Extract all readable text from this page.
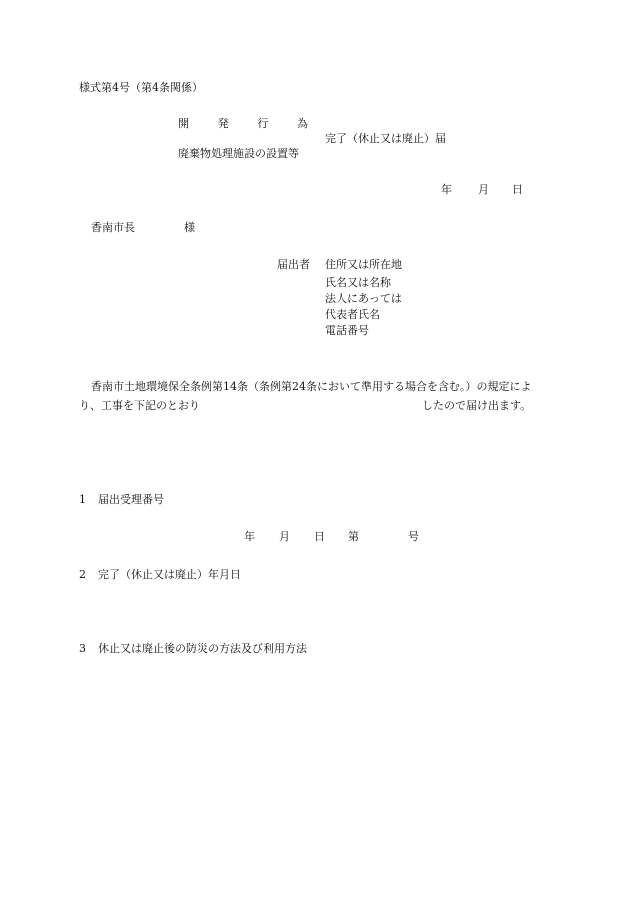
様式第4号（第4条関係）
開	発	行	為
完了（休止又は廃止）届
廃棄物処理施設の設置等
年 月 日
香南市長	様
届出者 住所又は所在地
氏名又は名称
法人にあっては
代表者氏名
電話番号
香南市土地環境保全条例第14条（条例第24条において準用する場合を含む。）の規定によ
り、工事を下記のとおり	したので届け出ます。
1 届出受理番号
年 月 日 第	号
2 完了（休止又は廃止）年月日
3 休止又は廃止後の防災の方法及び利用方法
